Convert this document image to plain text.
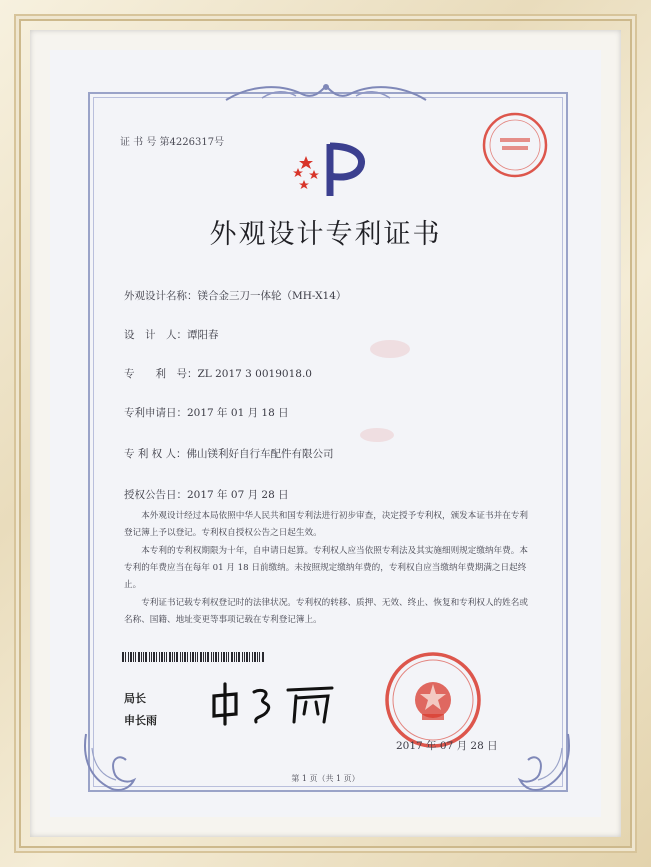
证 书 号 第4226317号
外观设计专利证书
外观设计名称：镁合金三刀一体轮（MH-X14）
设　计　人：谭阳春
专　　利　号：ZL 2017 3 0019018.0
专利申请日：2017 年 01 月 18 日
专 利 权 人：佛山镁利好自行车配件有限公司
授权公告日：2017 年 07 月 28 日

本外观设计经过本局依照中华人民共和国专利法进行初步审查，决定授予专利权，颁发本证书并在专利登记簿上予以登记。专利权自授权公告之日起生效。

本专利的专利权期限为十年，自申请日起算。专利权人应当依照专利法及其实施细则规定缴纳年费。本专利的年费应当在每年 01 月 18 日前缴纳。未按照规定缴纳年费的，专利权自应当缴纳年费期满之日起终止。

专利证书记载专利权登记时的法律状况。专利权的转移、质押、无效、终止、恢复和专利权人的姓名或名称、国籍、地址变更等事项记载在专利登记簿上。

局长
申长雨
2017 年 07 月 28 日
第 1 页（共 1 页）
